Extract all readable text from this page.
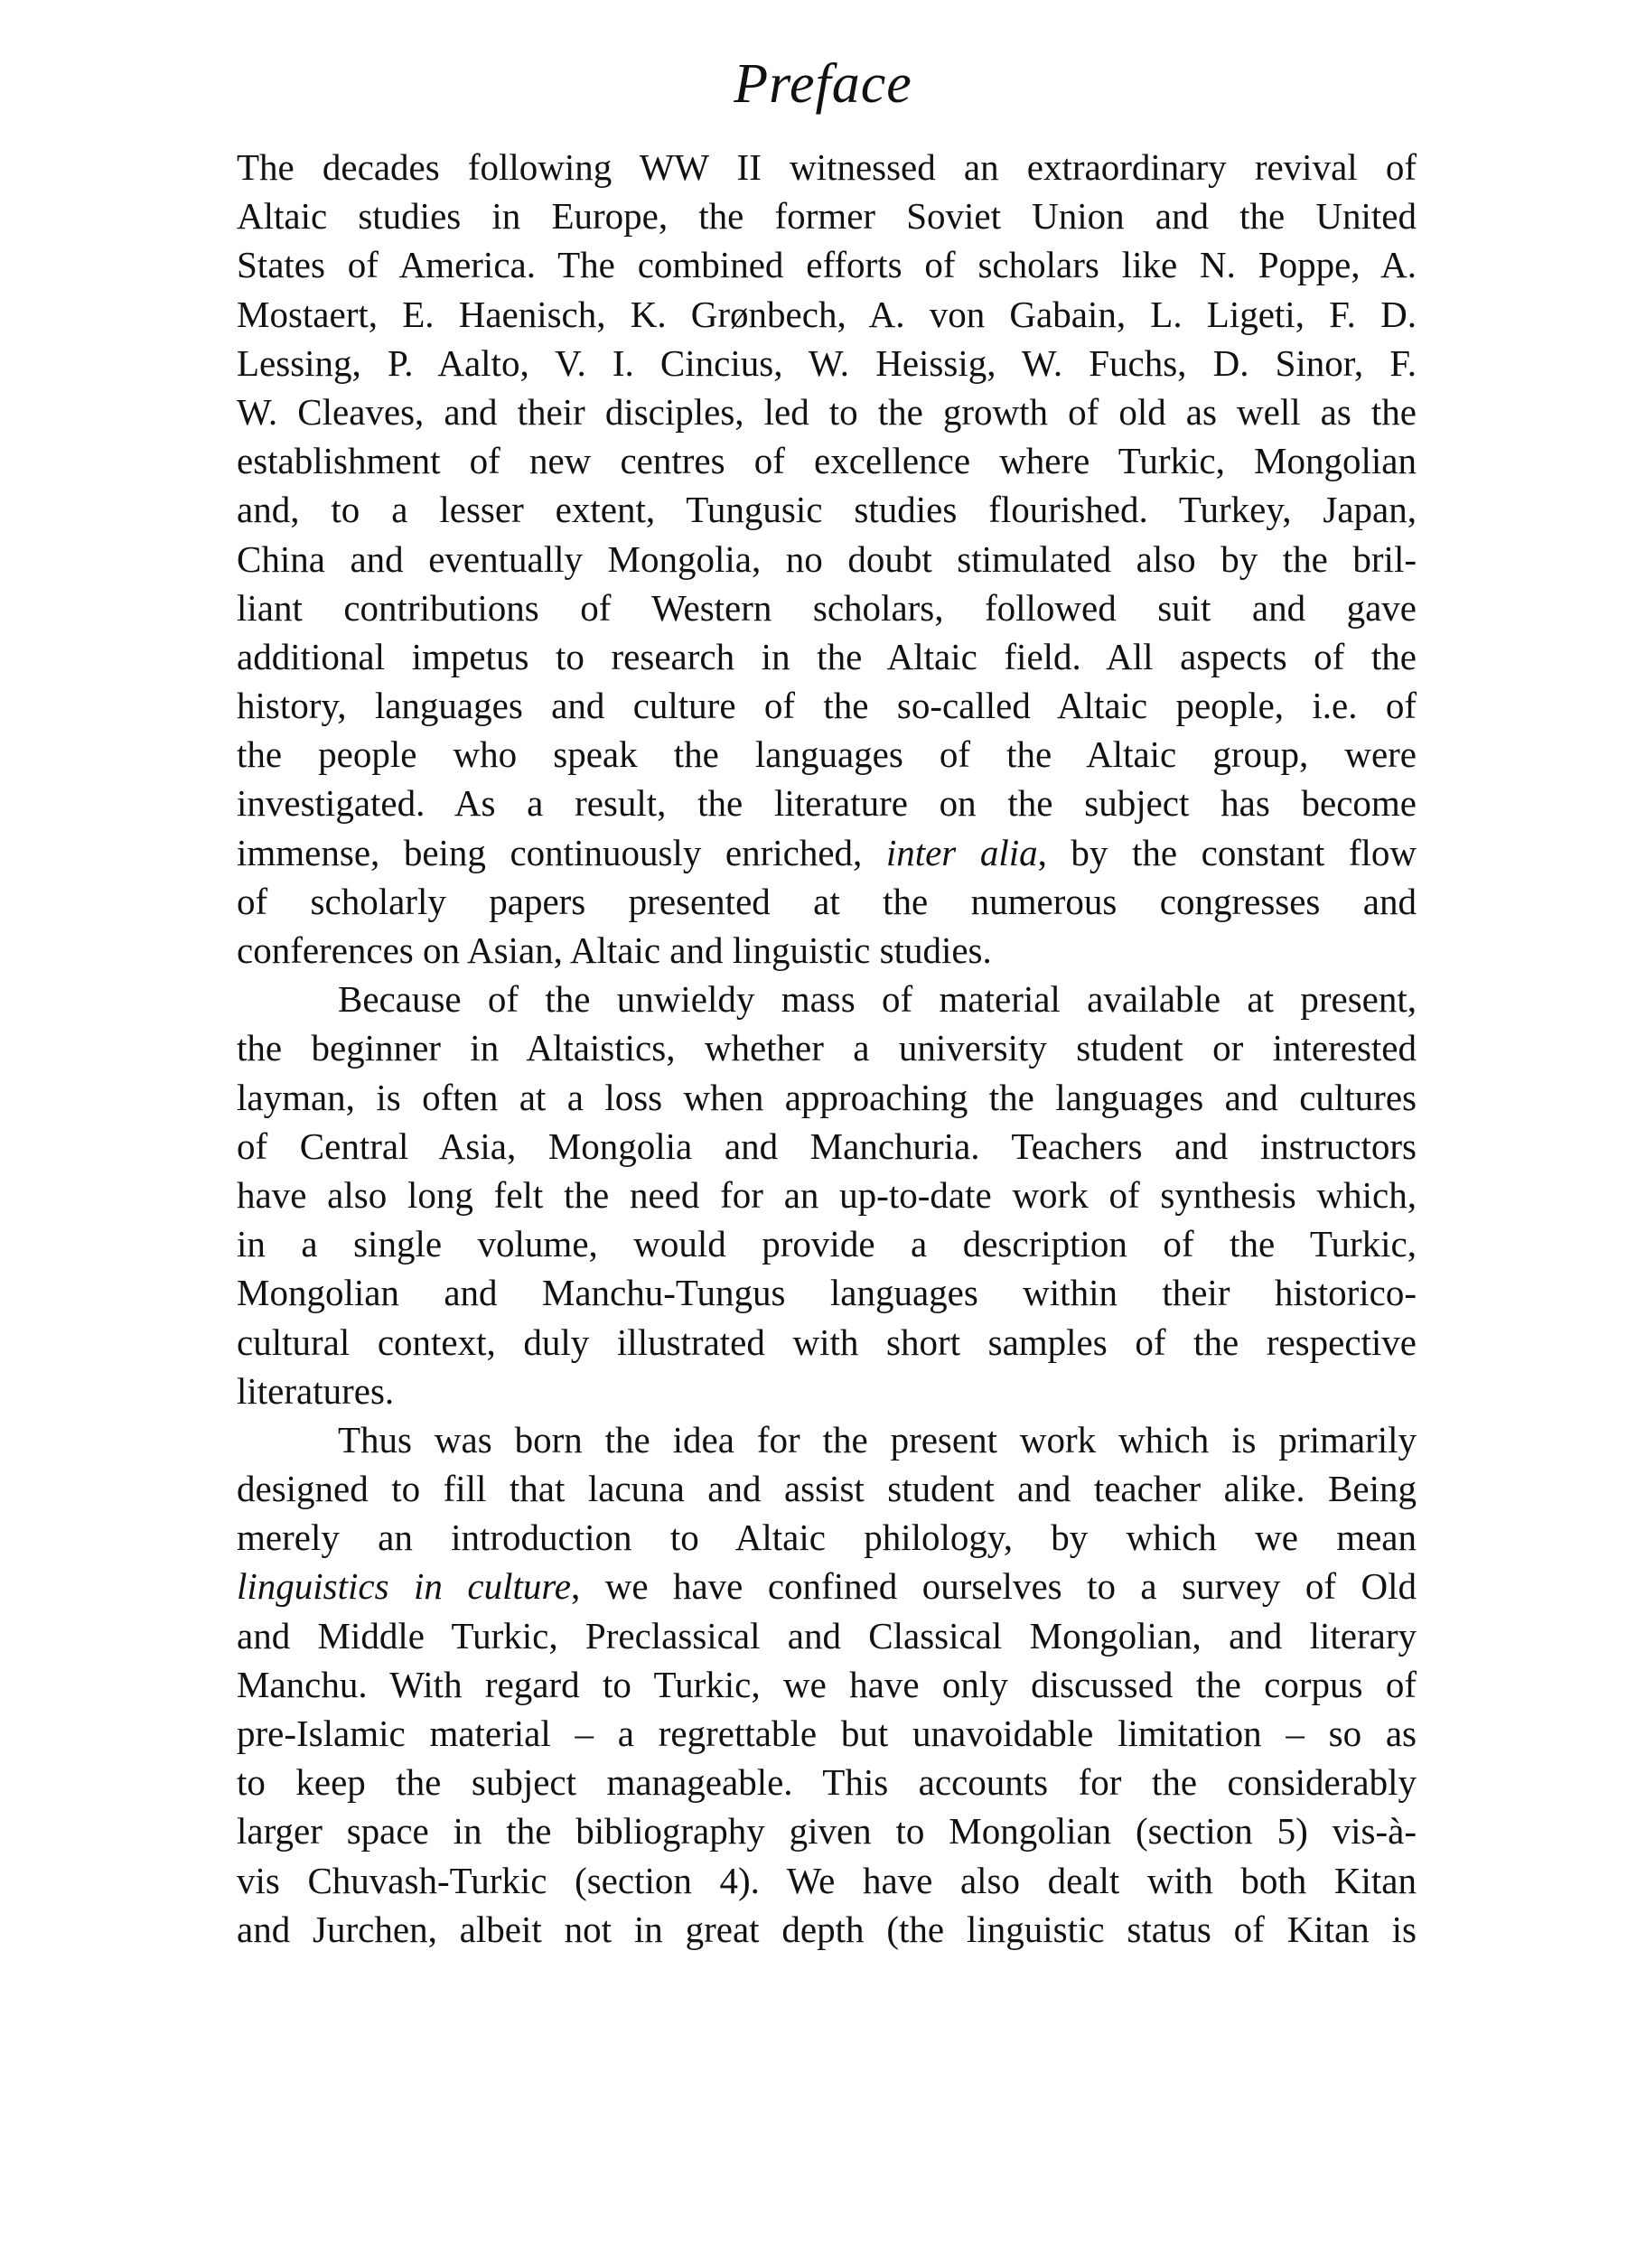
Preface
The decades following WW II witnessed an extraordinary revival of
Altaic studies in Europe, the former Soviet Union and the United
States of America. The combined efforts of scholars like N. Poppe, A.
Mostaert, E. Haenisch, K. Grønbech, A. von Gabain, L. Ligeti, F. D.
Lessing, P. Aalto, V. I. Cincius, W. Heissig, W. Fuchs, D. Sinor, F.
W. Cleaves, and their disciples, led to the growth of old as well as the
establishment of new centres of excellence where Turkic, Mongolian
and, to a lesser extent, Tungusic studies flourished. Turkey, Japan,
China and eventually Mongolia, no doubt stimulated also by the bril-
liant contributions of Western scholars, followed suit and gave
additional impetus to research in the Altaic field. All aspects of the
history, languages and culture of the so-called Altaic people, i.e. of
the people who speak the languages of the Altaic group, were
investigated. As a result, the literature on the subject has become
immense, being continuously enriched, inter alia, by the constant flow
of scholarly papers presented at the numerous congresses and
conferences on Asian, Altaic and linguistic studies.
Because of the unwieldy mass of material available at present,
the beginner in Altaistics, whether a university student or interested
layman, is often at a loss when approaching the languages and cultures
of Central Asia, Mongolia and Manchuria. Teachers and instructors
have also long felt the need for an up-to-date work of synthesis which,
in a single volume, would provide a description of the Turkic,
Mongolian and Manchu-Tungus languages within their historico-
cultural context, duly illustrated with short samples of the respective
literatures.
Thus was born the idea for the present work which is primarily
designed to fill that lacuna and assist student and teacher alike. Being
merely an introduction to Altaic philology, by which we mean
linguistics in culture, we have confined ourselves to a survey of Old
and Middle Turkic, Preclassical and Classical Mongolian, and literary
Manchu. With regard to Turkic, we have only discussed the corpus of
pre-Islamic material – a regrettable but unavoidable limitation – so as
to keep the subject manageable. This accounts for the considerably
larger space in the bibliography given to Mongolian (section 5) vis-à-
vis Chuvash-Turkic (section 4). We have also dealt with both Kitan
and Jurchen, albeit not in great depth (the linguistic status of Kitan is
